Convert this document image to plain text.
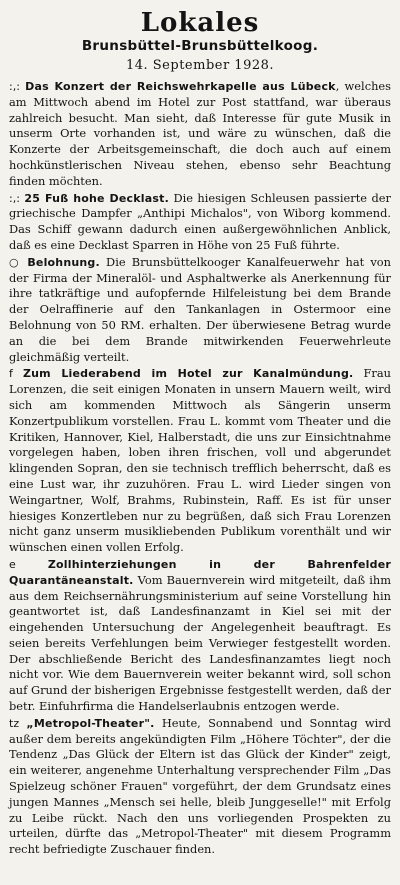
Lokales
Brunsbüttel-Brunsbüttelkoog.
14. September 1928.

:,: Das Konzert der Reichswehrkapelle aus Lübeck, welches am Mittwoch abend im Hotel zur Post stattfand, war überaus zahlreich besucht. Man sieht, daß Interesse für gute Musik in unserm Orte vorhanden ist, und wäre zu wünschen, daß die Konzerte der Arbeitsgemeinschaft, die doch auch auf einem hochkünstlerischen Niveau stehen, ebenso sehr Beachtung finden möchten.

:,: 25 Fuß hohe Decklast. Die hiesigen Schleusen passierte der griechische Dampfer „Anthipi Michalos", von Wiborg kommend. Das Schiff gewann dadurch einen außergewöhnlichen Anblick, daß es eine Decklast Sparren in Höhe von 25 Fuß führte.

○ Belohnung. Die Brunsbüttelkooger Kanalfeuerwehr hat von der Firma der Mineralöl- und Asphaltwerke als Anerkennung für ihre tatkräftige und aufopfernde Hilfeleistung bei dem Brande der Oelraffinerie auf den Tankanlagen in Ostermoor eine Belohnung von 50 RM. erhalten. Der überwiesene Betrag wurde an die bei dem Brande mitwirkenden Feuerwehrleute gleichmäßig verteilt.

f Zum Liederabend im Hotel zur Kanalmündung. Frau Lorenzen, die seit einigen Monaten in unsern Mauern weilt, wird sich am kommenden Mittwoch als Sängerin unserm Konzertpublikum vorstellen. Frau L. kommt vom Theater und die Kritiken, Hannover, Kiel, Halberstadt, die uns zur Einsichtnahme vorgelegen haben, loben ihren frischen, voll und abgerundet klingenden Sopran, den sie technisch trefflich beherrscht, daß es eine Lust war, ihr zuzuhören. Frau L. wird Lieder singen von Weingartner, Wolf, Brahms, Rubinstein, Raff. Es ist für unser hiesiges Konzertleben nur zu begrüßen, daß sich Frau Lorenzen nicht ganz unserm musikliebenden Publikum vorenthält und wir wünschen einen vollen Erfolg.

e	Zollhinterziehungen in der Bahrenfelder Quarantäneanstalt. Vom Bauernverein wird mitgeteilt, daß ihm aus dem Reichsernährungsministerium auf seine Vorstellung hin geantwortet ist, daß Landesfinanzamt in Kiel sei mit der eingehenden Untersuchung der Angelegenheit beauftragt. Es seien bereits Verfehlungen beim Verwieger festgestellt worden. Der abschließende Bericht des Landesfinanzamtes liegt noch nicht vor. Wie dem Bauernverein weiter bekannt wird, soll schon auf Grund der bisherigen Ergebnisse festgestellt werden, daß der betr. Einfuhrfirma die Handelserlaubnis entzogen werde.

tz „Metropol-Theater". Heute, Sonnabend und Sonntag wird außer dem bereits angekündigten Film „Höhere Töchter", der die Tendenz „Das Glück der Eltern ist das Glück der Kinder" zeigt, ein weiterer, angenehme Unterhaltung versprechender Film „Das Spielzeug schöner Frauen" vorgeführt, der dem Grundsatz eines jungen Mannes „Mensch sei helle, bleib Junggeselle!" mit Erfolg zu Leibe rückt. Nach den uns vorliegenden Prospekten zu urteilen, dürfte das „Metropol-Theater" mit diesem Programm recht befriedigte Zuschauer finden.
